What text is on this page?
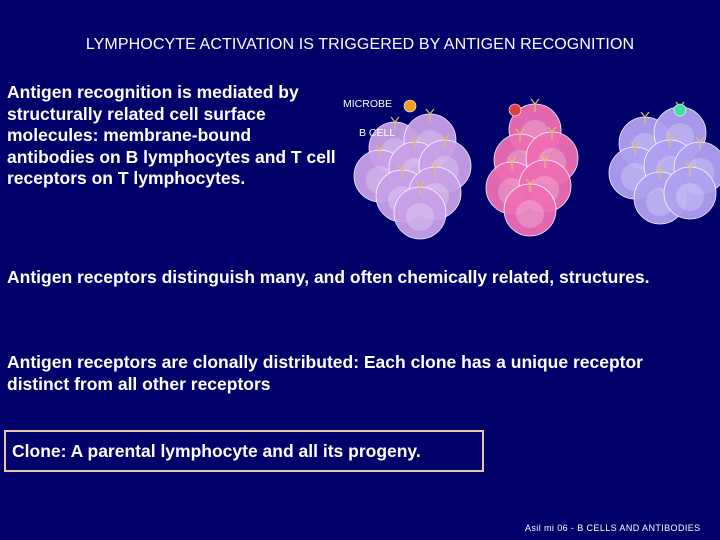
LYMPHOCYTE ACTIVATION IS TRIGGERED BY ANTIGEN RECOGNITION
Antigen recognition is mediated by structurally related cell surface molecules: membrane-bound antibodies on B lymphocytes and T cell receptors on T lymphocytes.
MICROBE
B CELL
Antigen receptors distinguish many, and often chemically related, structures.
Antigen receptors are clonally distributed: Each clone has a unique receptor distinct from all other receptors
Clone: A parental lymphocyte and all its progeny.
Asil mi 06 - B CELLS AND ANTIBODIES
